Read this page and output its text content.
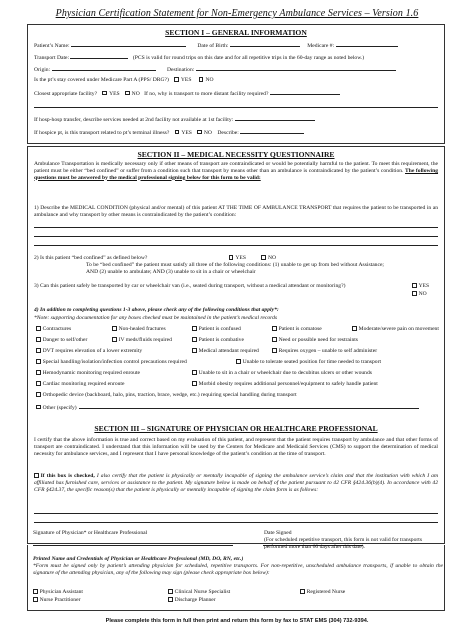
Physician Certification Statement for Non-Emergency Ambulance Services – Version 1.6
SECTION I – GENERAL INFORMATION
Patient’s Name:	Date of Birth:	Medicare #:
Transport Date:	(PCS is valid for round trips on this date and for all repetitive trips in the 60-day range as noted below.)
Origin:	Destination:
Is the pt’s stay covered under Medicare Part A (PPS/ DRG?) YES	NO
Closest appropriate facility? YES NO If no, why is transport to more distant facility required?
If hosp-hosp transfer, describe services needed at 2nd facility not available at 1st facility:
If hospice pt, is this transport related to pt’s terminal illness? YES NO Describe:
SECTION II – MEDICAL NECESSITY QUESTIONNAIRE
Ambulance Transportation is medically necessary only if other means of transport are contraindicated or would be potentially harmful to the patient. To meet this requirement, the patient must be either “bed confined” or suffer from a condition such that transport by means other than an ambulance is contraindicated by the patient’s condition. The following questions must be answered by the medical professional signing below for this form to be valid:
1) Describe the MEDICAL CONDITION (physical and/or mental) of this patient AT THE TIME OF AMBULANCE TRANSPORT that requires the patient to be transported in an ambulance and why transport by other means is contraindicated by the patient’s condition:
2) Is this patient “bed confined” as defined below?	YES	NO
To be “bed confined” the patient must satisfy all three of the following conditions: (1) unable to get up from bed without Assistance; AND (2) unable to ambulate; AND (3) unable to sit in a chair or wheelchair
3) Can this patient safely be transported by car or wheelchair van (i.e., seated during transport, without a medical attendant or monitoring?)	YES
NO
4) In addition to completing questions 1-3 above, please check any of the following conditions that apply*:
*Note: supporting documentation for any boxes checked must be maintained in the patient’s medical records
Contractures	Non-healed fractures	Patient is confused	Patient is comatose	Moderate/severe pain on movement
Danger to self/other	IV meds/fluids required	Patient is combative	Need or possible need for restraints
DVT requires elevation of a lower extremity	Medical attendant required	Requires oxygen – unable to self administer
Special handling/isolation/infection control precautions required	Unable to tolerate seated position for time needed to transport
Hemodynamic monitoring required enroute	Unable to sit in a chair or wheelchair due to decubitus ulcers or other wounds
Cardiac monitoring required enroute	Morbid obesity requires additional personnel/equipment to safely handle patient
Orthopedic device (backboard, halo, pins, traction, brace, wedge, etc.) requiring special handling during transport
Other (specify)
SECTION III – SIGNATURE OF PHYSICIAN OR HEALTHCARE PROFESSIONAL
I certify that the above information is true and correct based on my evaluation of this patient, and represent that the patient requires transport by ambulance and that other forms of transport are contraindicated. I understand that this information will be used by the Centers for Medicare and Medicaid Services (CMS) to support the determination of medical necessity for ambulance services, and I represent that I have personal knowledge of the patient’s condition at the time of transport.
If this box is checked, I also certify that the patient is physically or mentally incapable of signing the ambulance service’s claim and that the institution with which I am affiliated has furnished care, services or assistance to the patient. My signature below is made on behalf of the patient pursuant to 42 CFR §424.36(b)(4). In accordance with 42 CFR §424.37, the specific reason(s) that the patient is physically or mentally incapable of signing the claim form is as follows:
Signature of Physician* or Healthcare Professional	Date Signed
(For scheduled repetitive transport, this form is not valid for transports performed more than 60 days after this date).
Printed Name and Credentials of Physician or Healthcare Professional (MD, DO, RN, etc.)
*Form must be signed only by patient’s attending physician for scheduled, repetitive transports. For non-repetitive, unscheduled ambulance transports, if unable to obtain the signature of the attending physician, any of the following may sign (please check appropriate box below):
Physician Assistant	Clinical Nurse Specialist	Registered Nurse
Nurse Practitioner	Discharge Planner
Please complete this form in full then print and return this form by fax to STAT EMS (304) 732-9394.
